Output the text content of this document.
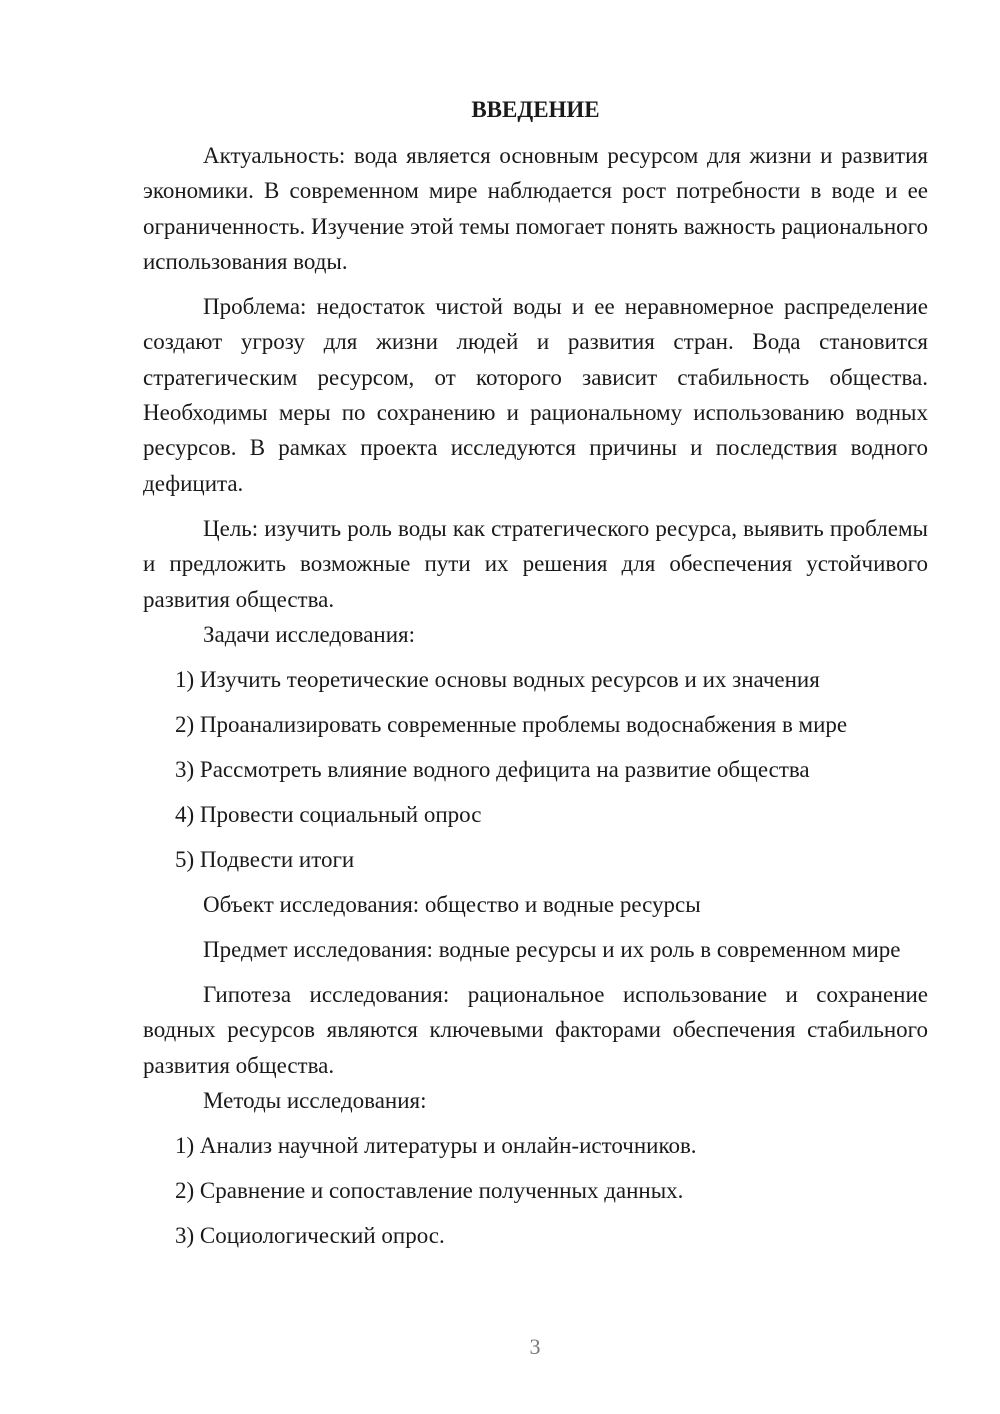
ВВЕДЕНИЕ

Актуальность: вода является основным ресурсом для жизни и развития экономики. В современном мире наблюдается рост потребности в воде и ее ограниченность. Изучение этой темы помогает понять важность рационального использования воды.

Проблема: недостаток чистой воды и ее неравномерное распределение создают угрозу для жизни людей и развития стран. Вода становится стратегическим ресурсом, от которого зависит стабильность общества. Необходимы меры по сохранению и рациональному использованию водных ресурсов. В рамках проекта исследуются причины и последствия водного дефицита.

Цель: изучить роль воды как стратегического ресурса, выявить проблемы и предложить возможные пути их решения для обеспечения устойчивого развития общества.

Задачи исследования:

1) Изучить теоретические основы водных ресурсов и их значения

2) Проанализировать современные проблемы водоснабжения в мире

3) Рассмотреть влияние водного дефицита на развитие общества

4) Провести социальный опрос

5) Подвести итоги

Объект исследования: общество и водные ресурсы

Предмет исследования: водные ресурсы и их роль в современном мире

Гипотеза исследования: рациональное использование и сохранение водных ресурсов являются ключевыми факторами обеспечения стабильного развития общества.

Методы исследования:

1) Анализ научной литературы и онлайн-источников.

2) Сравнение и сопоставление полученных данных.

3) Социологический опрос.

3
